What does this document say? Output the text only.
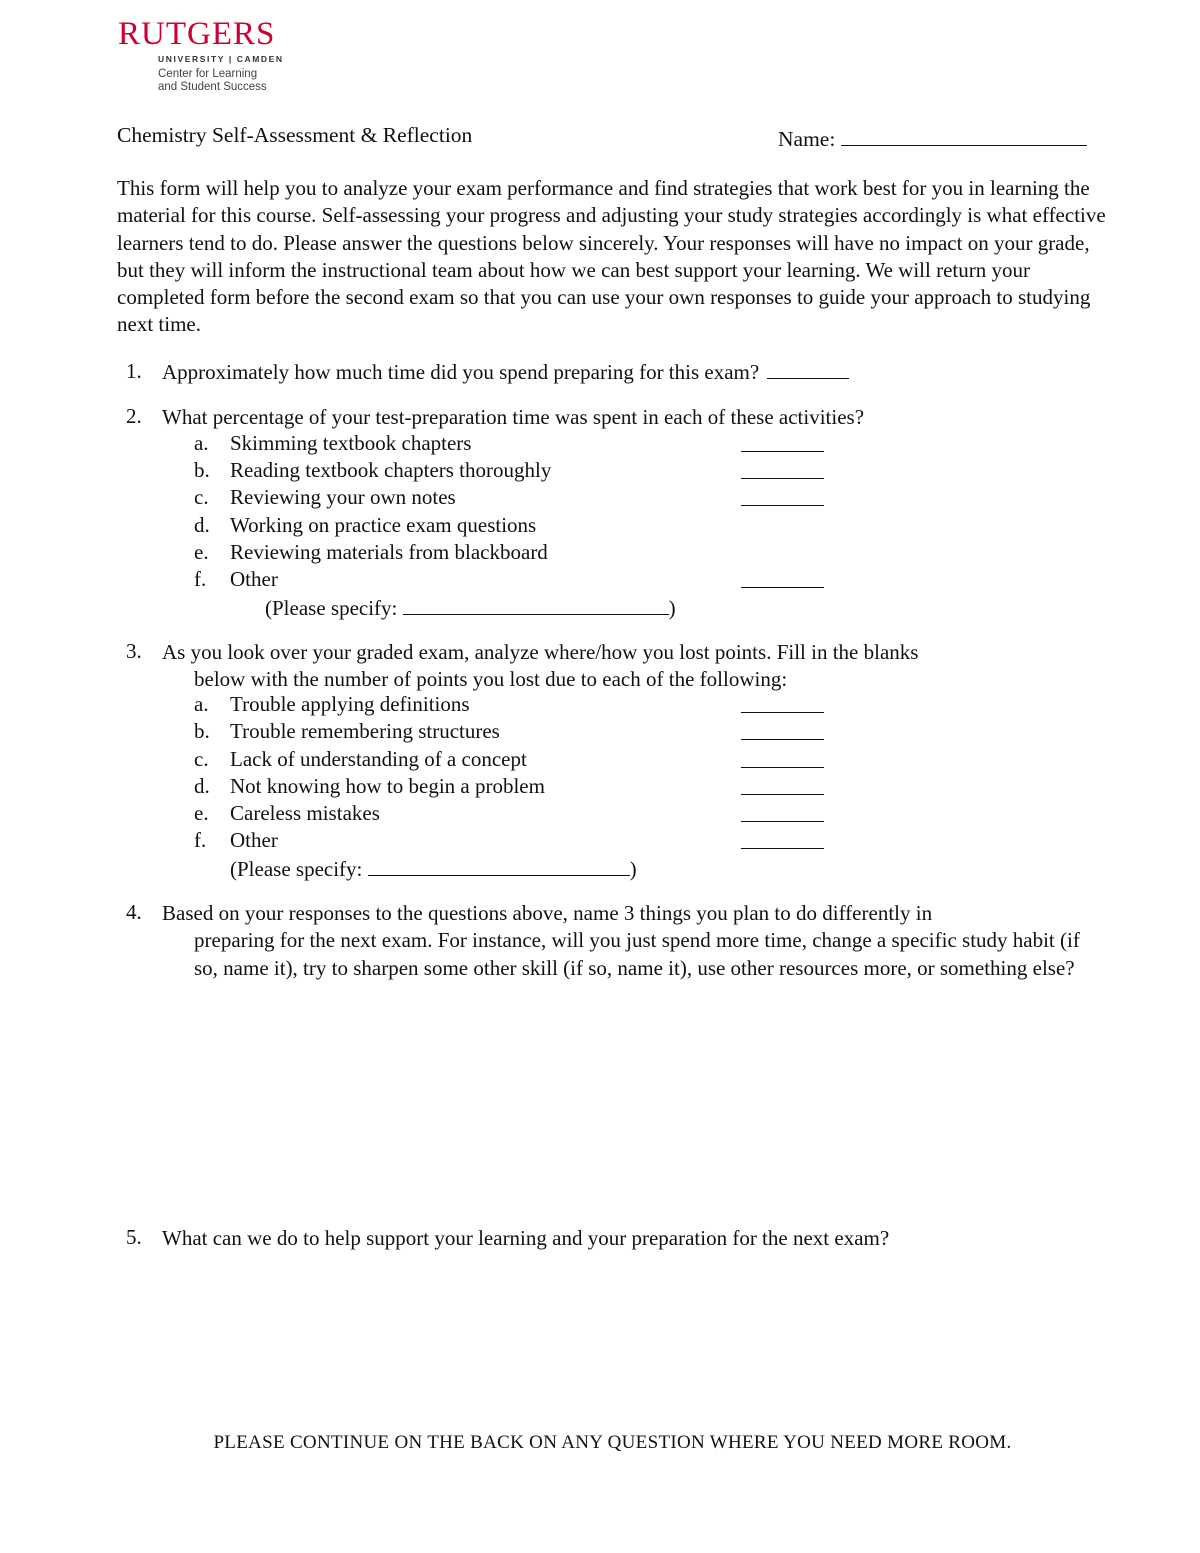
RUTGERS
UNIVERSITY | CAMDEN
Center for Learning
and Student Success
Chemistry Self-Assessment & Reflection	Name:
This form will help you to analyze your exam performance and find strategies that work best for you in learning the material for this course. Self-assessing your progress and adjusting your study strategies accordingly is what effective learners tend to do. Please answer the questions below sincerely. Your responses will have no impact on your grade, but they will inform the instructional team about how we can best support your learning. We will return your completed form before the second exam so that you can use your own responses to guide your approach to studying next time.
1. Approximately how much time did you spend preparing for this exam?
2. What percentage of your test-preparation time was spent in each of these activities?
a. Skimming textbook chapters
b. Reading textbook chapters thoroughly
c. Reviewing your own notes
d. Working on practice exam questions
e. Reviewing materials from blackboard
f. Other
(Please specify:	)
3. As you look over your graded exam, analyze where/how you lost points. Fill in the blanks
below with the number of points you lost due to each of the following:
a. Trouble applying definitions
b. Trouble remembering structures
c. Lack of understanding of a concept
d. Not knowing how to begin a problem
e. Careless mistakes
f. Other
(Please specify:	)
4. Based on your responses to the questions above, name 3 things you plan to do differently in
preparing for the next exam. For instance, will you just spend more time, change a specific study habit (if so, name it), try to sharpen some other skill (if so, name it), use other resources more, or something else?
5. What can we do to help support your learning and your preparation for the next exam?
PLEASE CONTINUE ON THE BACK ON ANY QUESTION WHERE YOU NEED MORE ROOM.
